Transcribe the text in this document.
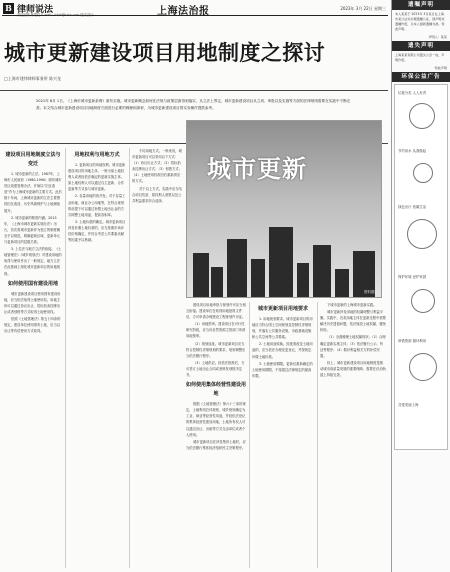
B 律师说法
责任编辑 陈思佳 E-mail：lsfzb@sina.com 版式设计：	上海法治报	2023年 3月 22日 星期三
城市更新建设项目用地制度之探讨
□上海市建纬律师事务所 陈兴龙
2021年 8月 1日，《上海市城市更新条例》颁布实施。城市更新概念如何在法规与政策层面得到落实，从立法上界定，城市更新建设项目从立项、审批以及实施等方面的法律规则需要在实践中不断完善。本文结合城市更新建设项目用地制度方面进行必要的梳理和探析，为城市更新建设项目的实务操作提供参考。
建设项目用地制度立法与变迁
1. 城市更新的立法。1987年，上海市人民政府（1980-1990）颁布城市旧区改建管理办法，开始以“旧区改造”作为上海城市更新的主要方式。此后数十年间，上海城市更新的立法主要围绕旧区改造、历史风貌保护与土地储备展开。
2. 城市更新的制度内涵。2015年，《上海市城市更新实施办法》出台，首次将城市更新作为独立的制度概念予以规范，明确更新区域、更新单元与更新项目的层级关系。
3. 上位法与地方立法的衔接。《土地管理法》《城乡规划法》对建设用地的取得与使用作出了一般规定，地方立法在此基础上细化城市更新项目的用地规则。
如何使用国有建设用地
城市更新建设项目使用国有建设用地，应当依法取得土地使用权。用地主体可以通过协议出让、招标拍卖挂牌出让或者划拨等方式取得土地使用权。
依照《土地管理法》第五十四条的规定，建设单位使用国有土地，应当以出让等有偿使用方式取得。
用地权利与用地方式
1. 更新项目的用地权利。城市更新建设项目的用地主体，一般为原土地权利人或者经依法确定的更新实施主体。原土地权利人可以通过自主更新、合作更新等方式参与城市更新。
2. 存量用地的再开发。对于存量工业用地、商业办公用地等，在符合规划的前提下可以通过补缴土地出让金的方式调整土地用途、提高容积率。
3. 土地价款的确定。城市更新项目涉及补缴土地价款的，应当按照市场评估价格确定，并综合考虑公共要素贡献等因素予以核减。
不同用地方式。一般来说，城市更新项目可以采用以下方式：（1）协议出让方式；（2）招标拍卖挂牌出让方式；（3）划拨方式；（4）土地使用权收回后重新供应的方式。
对于以上方式，实践中应当结合项目性质、原权利人意愿以及公共利益需求综合选择。
城市更新
资料图片
建设项目用地审批与规划许可应当相互衔接。建设单位在取得用地批准文件后，方可申请办理建设工程规划许可证。
（1）用地预审。建设项目在可行性研究阶段，应当向自然资源主管部门申请用地预审。
（2）规划选址。城市更新项目应当符合控制性详细规划的要求，规划调整应当依法履行程序。
（3）土地供应。经依法批准后，方可签订土地出让合同或者核发划拨决定书。
如何使用集体经营性建设用地
根据《土地管理法》第六十三条的规定，土地利用总体规划、城乡规划确定为工业、商业等经营性用途，并经依法登记的集体经营性建设用地，土地所有权人可以通过出让、出租等方式交由单位或者个人使用。
城市更新项目在涉及集体土地时，应当依法履行集体经济组织民主决策程序。
城市更新项目用地要求
1. 用地规划要求。城市更新项目的用地应当符合国土空间规划及控制性详细规划，并落实公共服务设施、市政基础设施和公共空间等公共要素。
2. 土地用途转换。经批准改变土地用途的，应当依法办理变更登记，并按规定补缴土地价款。
3. 土地使用期限。更新后重新确定的土地使用期限，不得超过法律规定的最高年限。
下城市更新的上海城市更新实践。
城市更新涉及用地的权属调整与利益平衡。实践中，各类用地主体在更新过程中需要解决历史遗留问题，依法厘清土地权属，避免纠纷。
（1）全面梳理土地权属现状；（2）合理确定更新实施主体；（3）依法履行公示、听证等程序；（4）做好利益相关方的补偿安置。
综上，城市更新建设项目用地制度是推动城市高质量发展的重要保障，需要在法治轨道上持续完善。
遗嘱声明
本人某某于 2023年 3月某日在上海市某公证处办理遗嘱公证，现声明该遗嘱作废，以本人最新遗嘱为准。特此声明。
声明人：某某
遗失声明
上海某某有限公司遗失公章一枚，声明作废。
特此声明
环保公益广告
垃圾分类 人人有责
节约用水 从我做起
绿色出行 低碳生活
保护环境 爱护家园
珍惜资源 循环利用
共建美丽上海
